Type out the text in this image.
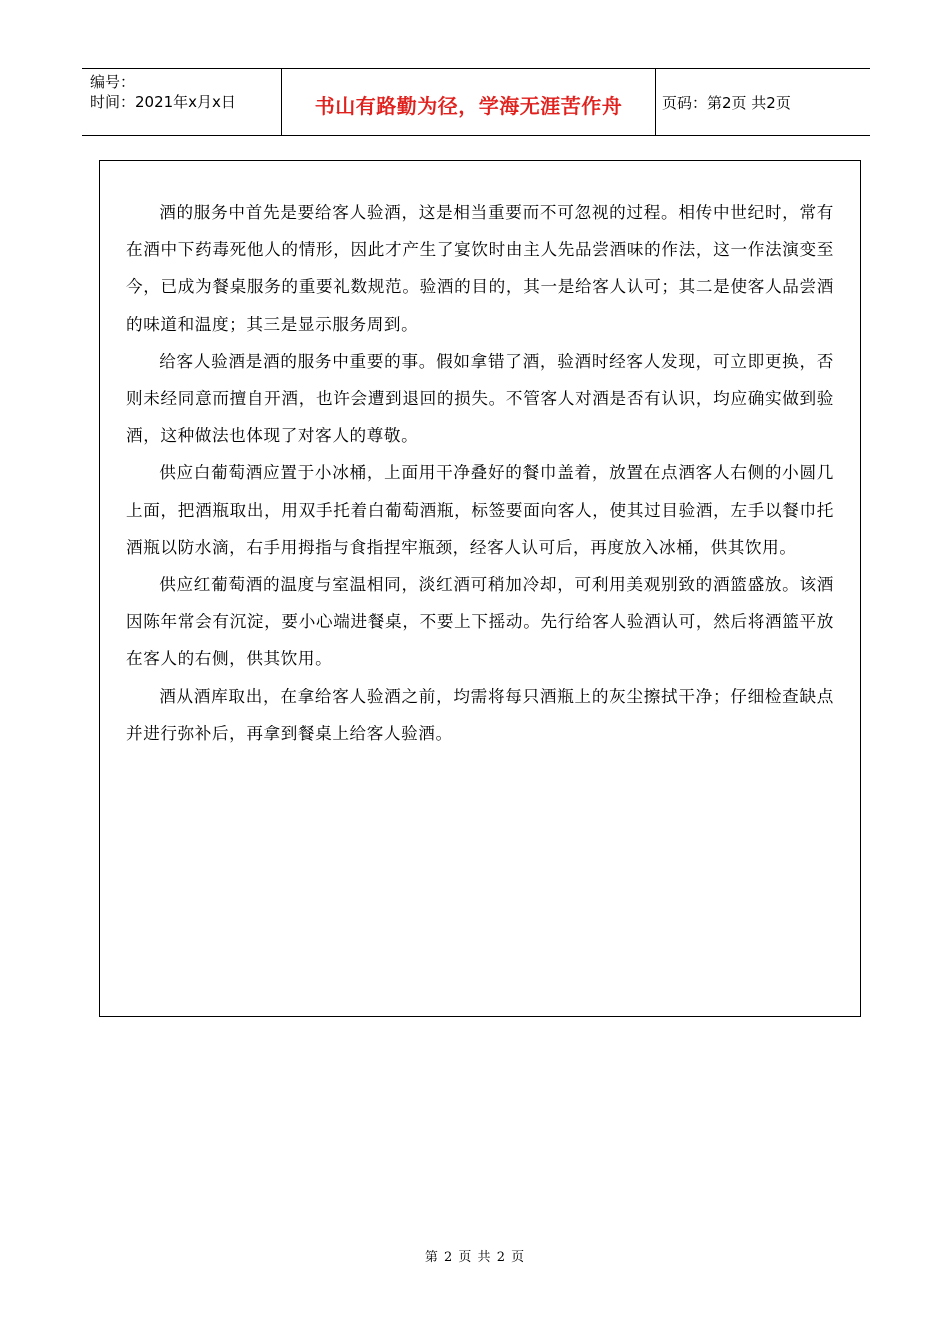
编号：
时间：2021年x月x日	书山有路勤为径，学海无涯苦作舟	页码：第2页 共2页

酒的服务中首先是要给客人验酒，这是相当重要而不可忽视的过程。相传中世纪时，常有在酒中下药毒死他人的情形，因此才产生了宴饮时由主人先品尝酒味的作法，这一作法演变至今，已成为餐桌服务的重要礼数规范。验酒的目的，其一是给客人认可；其二是使客人品尝酒的味道和温度；其三是显示服务周到。

给客人验酒是酒的服务中重要的事。假如拿错了酒，验酒时经客人发现，可立即更换，否则未经同意而擅自开酒，也许会遭到退回的损失。不管客人对酒是否有认识，均应确实做到验酒，这种做法也体现了对客人的尊敬。

供应白葡萄酒应置于小冰桶，上面用干净叠好的餐巾盖着，放置在点酒客人右侧的小圆几上面，把酒瓶取出，用双手托着白葡萄酒瓶，标签要面向客人，使其过目验酒，左手以餐巾托酒瓶以防水滴，右手用拇指与食指捏牢瓶颈，经客人认可后，再度放入冰桶，供其饮用。

供应红葡萄酒的温度与室温相同，淡红酒可稍加冷却，可利用美观别致的酒篮盛放。该酒因陈年常会有沉淀，要小心端进餐桌，不要上下摇动。先行给客人验酒认可，然后将酒篮平放在客人的右侧，供其饮用。

酒从酒库取出，在拿给客人验酒之前，均需将每只酒瓶上的灰尘擦拭干净；仔细检查缺点并进行弥补后，再拿到餐桌上给客人验酒。

第 2 页 共 2 页
